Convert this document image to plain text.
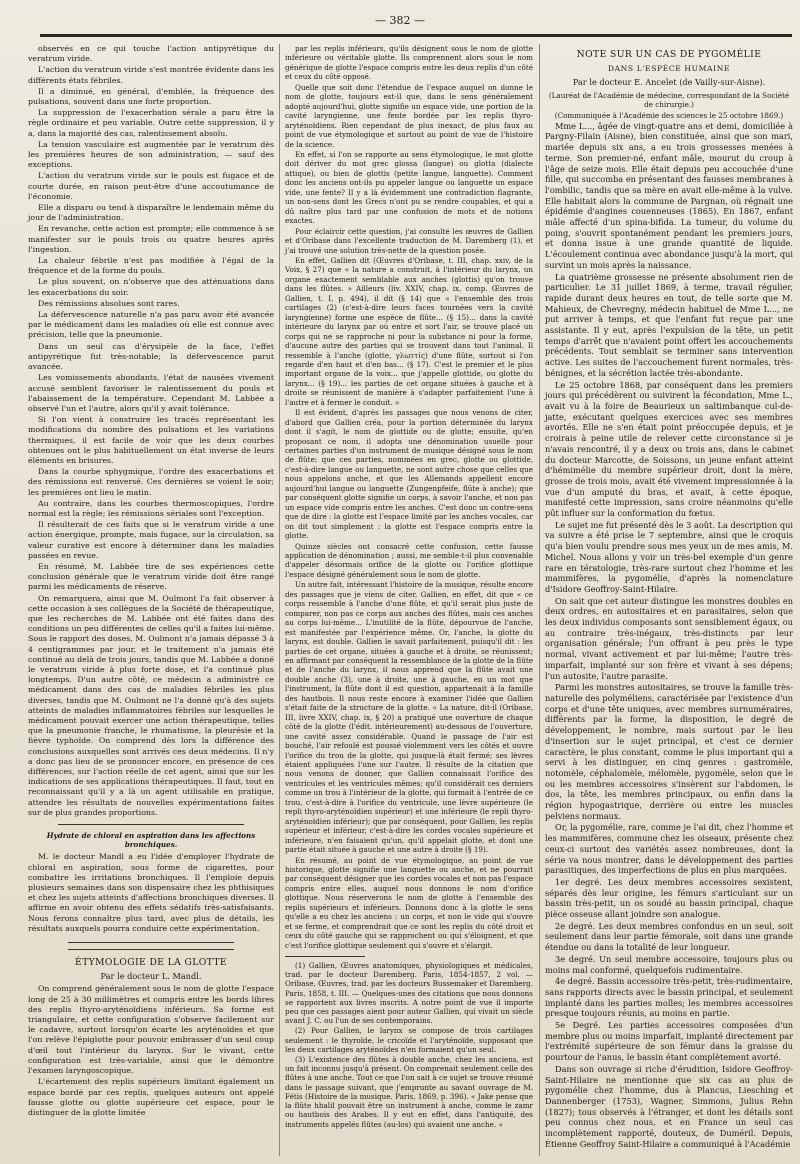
— 382 —

observés en ce qui touche l'action antipyrétique du veratrum viride.

L'action du veratrum viride s'est montrée évidente dans les différents états fébriles.

Il a diminué, en général, d'emblée, la fréquence des pulsations, souvent dans une forte proportion.

La suppression de l'exacerbation sérale a paru être la règle ordinaire et peu variable. Outre cette suppression, il y a, dans la majorité des cas, ralentissement absolu.

La tension vasculaire est augmentée par le veratrum dès les premières heures de son administration, — sauf des exceptions.

L'action du veratrum viride sur le pouls est fugace et de courte durée, en raison peut-être d'une accoutumance de l'économie.

Elle a disparu ou tend à disparaître le lendemain même du jour de l'administration.

En revanche, cette action est prompte; elle commence à se manifester sur le pouls trois ou quatre heures après l'ingestion.

La chaleur fébrile n'est pas modifiée à l'égal de la fréquence et de la forme du pouls.

Le plus souvent, on n'observe que des atténuations dans les exacerbations du soir.

Des rémissions absolues sont rares.

La défervescence naturelle n'a pas paru avoir été avancée par le médicament dans les maladies où elle est connue avec précision, telle que la pneumonie.

Dans un seul cas d'érysipèle de la face, l'effet antipyrétique fut très-notable; la défervescence parut avancée.

Les vomissements abondants, l'état de nausées vivement accusé semblent favoriser le ralentissement du pouls et l'abaissement de la température. Cependant M. Labbée a observé l'un et l'autre, alors qu'il y avait tolérance.

Si l'on vient à construire les tracés représentant les modifications du nombre des pulsations et les variations thermiques, il est facile de voir que les deux courbes obtenues ont le plus habituellement un état inverse de leurs éléments en brisures.

Dans la courbe sphygmique, l'ordre des exacerbations et des rémissions est renversé. Ces dernières se voient le soir; les premières ont lieu le matin.

Au contraire, dans les courbes thermoscopiques, l'ordre normal est la règle; les rémissions sériales sont l'exception.

Il résulterait de ces faits que si le veratrum viride a une action énergique, prompte, mais fugace, sur la circulation, sa valeur curative est encore à déterminer dans les maladies passées en revue.

En résumé, M. Labbée tire de ses expériences cette conclusion générale que le veratrum viride doit être rangé parmi les médicaments de réserve.

On remarquera, ainsi que M. Oulmont l'a fait observer à cette occasion à ses collègues de la Société de thérapeutique, que les recherches de M. Labbée ont été faites dans des conditions un peu différentes de celles qu'il a faites lui-même. Sous le rapport des doses, M. Oulmont n'a jamais dépassé 3 à 4 centigrammes par jour, et le traitement n'a jamais été continué au delà de trois jours, tandis que M. Labbée a donné le veratrum viride à plus forte dose, et l'a continué plus longtemps. D'un autre côté, ce médecin a administré ce médicament dans des cas de maladies fébriles les plus diverses, tandis que M. Oulmont ne l'a donné qu'à des sujets atteints de maladies inflammatoires fébriles sur lesquelles le médicament pouvait exercer une action thérapeutique, telles que la pneumonie franche, le rhumatisme, la pleurésie et la fièvre typhoïde. On comprend dès lors la différence des conclusions auxquelles sont arrivés ces deux médecins. Il n'y a donc pas lieu de se prononcer encore, en présence de ces différences, sur l'action réelle de cet agent, ainsi que sur les indications de ses applications thérapeutiques. Il faut, tout en reconnaissant qu'il y a là un agent utilisable en pratique, attendre les résultats de nouvelles expérimentations faites sur de plus grandes proportions.

Hydrate de chloral en aspiration dans les affections bronchiques.

M. le docteur Mandl a eu l'idée d'employer l'hydrate de chloral en aspiration, sous forme de cigarettes, pour combattre les irritations bronchiques. Il l'emploie depuis plusieurs semaines dans son dispensaire chez les phthisiques et chez les sujets atteints d'affections bronchiques diverses. Il affirme en avoir obtenu des effets sédatifs très-satisfaisants. Nous ferons connaître plus tard, avec plus de détails, les résultats auxquels pourra conduire cette expérimentation.

ÉTYMOLOGIE DE LA GLOTTE
Par le docteur L. Mandl.

On comprend généralement sous le nom de glotte l'espace long de 25 à 30 millimètres et compris entre les bords libres des replis thyro-aryténoïdiens inférieurs. Sa forme est triangulaire, et cette configuration s'observe facilement sur le cadavre, surtout lorsqu'on écarte les aryténoïdes et que l'on relève l'épiglotte pour pouvoir embrasser d'un seul coup d'œil tout l'intérieur du larynx. Sur le vivant, cette configuration est très-variable, ainsi que le démontre l'examen laryngoscopique.

L'écartement des replis supérieurs limitant également un espace bordé par ces replis, quelques auteurs ont appelé fausse glotte ou glotte supérieure cet espace, pour le distinguer de la glotte limitée

par les replis inférieurs, qu'ils désignent sous le nom de glotte inférieure ou véritable glotte. Ils comprennent alors sous le nom générique de glotte l'espace compris entre les deux replis d'un côté et ceux du côté opposé.

Quelle que soit donc l'étendue de l'espace auquel on donne le nom de glotte, toujours est-il que, dans le sens généralement adopté aujourd'hui, glotte signifie un espace vide, une portion de la cavité laryngienne, une fente bordée par les replis thyro-aryténoïdiens. Rien cependant de plus inexact, de plus faux au point de vue étymologique et surtout au point de vue de l'histoire de la science.

En effet, si l'on se rapporte au sens étymologique, le mot glotte doit dériver du mot grec glossa (langue) ou glotta (dialecte attique), ou bien de glottis (petite langue, languette). Comment donc les anciens ont-ils pu appeler langue ou languette un espace vide, une fente? Il y a là évidemment une contradiction flagrante, un non-sens dont les Grecs n'ont pu se rendre coupables, et qui a dû naître plus tard par une confusion de mots et de notions exactes.

Pour éclaircir cette question, j'ai consulté les œuvres de Gallien et d'Oribase dans l'excellente traduction de M. Daremberg (1), et j'ai trouvé une solution très-nette de la question posée.

En effet, Gallien dit (Œuvres d'Oribase, t. III, chap. xxiv, de la Voix, § 27) que « la nature a construit, à l'intérieur du larynx, un organe exactement semblable aux anches (glottis) qu'on trouve dans les flûtes. » Ailleurs (liv. XXIV, chap. ix, comp. Œuvres de Gallien, t. I, p. 494), il dit (§ 14) que « l'ensemble des trois cartilages (2) (c'est-à-dire leurs faces tournées vers la cavité laryngienne) forme une espèce de flûte... (§ 15)... dans la cavité intérieure du larynx par où entre et sort l'air, se trouve placé un corps qui ne se rapproche ni pour la substance ni pour la forme, d'aucune autre des parties qui se trouvent dans tout l'animal. Il ressemble à l'anche (glotte, γλωττίς) d'une flûte, surtout si l'on regarde d'en haut et d'en bas... (§ 17). C'est le premier et le plus important organe de la voix... que j'appelle glottide, ou glotte du larynx... (§ 19)... les parties de cet organe situées à gauche et à droite se réunissent de manière à s'adapter parfaitement l'une à l'autre et à fermer le conduit. »

Il est évident, d'après les passages que nous venons de citer, d'abord que Gallien créa, pour la portion déterminée du larynx dont il s'agit, le nom de glottide ou de glotte; ensuite, qu'en proposant ce nom, il adopta une dénomination usuelle pour certaines parties d'un instrument de musique désigné sous le nom de flûte; que ces parties, nommées en grec, glotte ou glottide, c'est-à-dire langue ou languette, ne sont autre chose que celles que nous appelons anche, et que les Allemands appellent encore aujourd'hui langue ou languette (Zungenpfeife, flûte à anche); que par conséquent glotte signifie un corps, à savoir l'anche, et non pas un espace vide compris entre les anches. C'est donc un contre-sens que de dire : la glotte est l'espace limité par les anches vocales, car on dit tout simplement : la glotte est l'espace compris entre la glotte.

Quinze siècles ont consacré cette confusion, cette fausse application de dénomination ; aussi, me semble-t-il plus convenable d'appeler désormais orifice de la glotte ou l'orifice glottique l'espace désigné généralement sous le nom de glotte.

Un autre fait, intéressant l'histoire de la musique, résulte encore des passages que je viens de citer, Gallien, en effet, dit que « ce corps ressemble à l'anche d'une flûte, et qu'il serait plus juste de comparer, non pas ce corps aux anches des flûtes, mais ces anches au corps lui-même... L'inutilité de la flûte, dépourvue de l'anche, est manifestée par l'expérience même. Or, l'anche, la glotte du larynx, est double. Gallien le savait parfaitement, puisqu'il dit : les parties de cet organe, situées à gauche et à droite, se réunissent; en affirmant par conséquent la ressemblance de la glotte de la flûte et de l'anche du larynx, il nous apprend que la flûte avait une double anche (3), une à droite, une à gauche, en un mot que l'instrument, la flûte dont il est question, appartenait à la famille des hautbois. Il nous reste encore à examiner l'idée que Gallien s'était faite de la structure de la glotte. « La nature, dit-il (Oribase, III, livre XXIV, chap. ix, § 20) a pratiqué une ouverture de chaque côté de la glotte (l'édit. intérieurement) au-dessous de l'ouverture, une cavité assez considérable. Quand le passage de l'air est bouché, l'air refoulé est poussé violemment vers les côtés et ouvre l'orifice du trou de la glotte, qui jusque-là était fermé; ses lèvres étaient appliquées l'une sur l'autre. Il résulte de la citation que nous venons de donner, que Gallien connaissait l'orifice des ventricules et les ventricules mêmes; qu'il considérait ces derniers comme un trou à l'intérieur de la glotte, qui formait à l'entrée de ce trou, c'est-à-dire à l'orifice du ventricule, une lèvre supérieure (le repli thyro-aryténoïdien supérieur) et une inférieure (le repli thyro-aryténoïdien inférieur); que par conséquent, pour Gallien, les replis supérieur et inférieur, c'est-à-dire les cordes vocales supérieure et inférieure, n'en faisaient qu'un, qu'il appelait glotte, et dont une partie était située à gauche et une autre à droite (§ 19).

En résumé, au point de vue étymologique, au point de vue historique, glotte signifie une languette ou anche, et ne pourrait par conséquent désigner que les cordes vocales et non pas l'espace compris entre elles, auquel nous donnons le nom d'orifice glottique. Nous réserverons le nom de glotte à l'ensemble des replis supérieurs et inférieurs. Donnons donc à la glotte le sens qu'elle a eu chez les anciens : un corps, et non le vide qui s'ouvre et se ferme, et comprendrait que ce sont les replis du côté droit et ceux du côté gauche qui se rapprochent ou qui s'éloignent, et que c'est l'orifice glottique seulement qui s'ouvre et s'élargit.

(1) Gallien, Œuvres anatomiques, physiologiques et médicales, trad. par le docteur Daremberg. Paris, 1854-1857, 2 vol. — Oribase, Œuvres, trad. par les docteurs Bussemaker et Daremberg. Paris, 1858, t. III. — Quelques-unes des citations que nous donnons se rapportent aux livres inscrits. A notre point de vue il importe peu que ces passages aient pour auteur Gallien, qui vivait un siècle avant J. C. ou l'un de ses contemporains.

(2) Pour Gallien, le larynx se compose de trois cartilages seulement : le thyroïde, le cricoïde et l'aryténoïde, supposant que les deux cartilages aryténoïdes n'en formaient qu'un seul.

(3) L'existence des flûtes à double anche, chez les anciens, est un fait inconnu jusqu'à présent. On comprenait seulement celle des flûtes à une anche. Tout ce que l'on sait à ce sujet se trouve résumé dans le passage suivant, que j'emprunte au savant ouvrage de M. Fétis (Histoire de la musique. Paris, 1869, p. 396). « Jake pense que la flûte hhalil pouvait être un instrument à anche, comme le zamr ou hautbois des Arabes. Il y eut en effet, dans l'antiquité, des instruments appelés flûtes (au-los) qui avaient une anche. »

NOTE SUR UN CAS DE PYGOMÉLIE
DANS L'ESPÈCE HUMAINE
Par le docteur E. Ancelet (de Vailly-sur-Aisne).

(Lauréat de l'Académie de médecine, correspondant de la Société de chirurgie.)

(Communiquée à l'Académie des sciences le 25 octobre 1869.)

Mme L..., âgée de vingt-quatre ans et demi, domiciliée à Pargny-Filain (Aisne), bien constituée, ainsi que son mari, mariée depuis six ans, a eu trois grossesses menées à terme. Son premier-né, enfant mâle, mourut du croup à l'âge de seize mois. Elle était depuis peu accouchée d'une fille, qui succomba en présentant des fausses membranes à l'ombilic, tandis que sa mère en avait elle-même à la vulve. Elle habitait alors la commune de Pargnan, où régnait une épidémie d'angines couenneuses (1865). En 1867, enfant mâle affecté d'un spina-bifida. La tumeur, du volume du poing, s'ouvrit spontanément pendant les premiers jours, et donna issue à une grande quantité de liquide. L'écoulement continua avec abondance jusqu'à la mort, qui survint un mois après la naissance.

La quatrième grossesse ne présente absolument rien de particulier. Le 31 juillet 1869, à terme, travail régulier, rapide durant deux heures en tout, de telle sorte que M. Mahieux, de Chevregny, médecin habituel de Mme L..., ne put arriver à temps, et que l'enfant fut reçue par une assistante. Il y eut, après l'expulsion de la tête, un petit temps d'arrêt que n'avaient point offert les accouchements précédents. Tout semblait se terminer sans intervention active. Les suites de l'accouchement furent normales, très-bénignes, et la sécrétion lactée très-abondante.

Le 25 octobre 1868, par conséquent dans les premiers jours qui précédèrent ou suivirent la fécondation, Mme L., avait vu à la foire de Beaurieux un saltimbanque cul-de-jatte, exécutant quelques exercices avec ses membres avortés. Elle ne s'en était point préoccupée depuis, et je croirais à peine utile de relever cette circonstance si je n'avais rencontré, il y a deux ou trois ans, dans le cabinet du docteur Marcotte, de Soissons, un jeune enfant atteint d'hémimélie du membre supérieur droit, dont la mère, grosse de trois mois, avait été vivement impressionnée à la vue d'un amputé du bras, et avait, à cette époque, manifesté cette impression, sans croire néanmoins qu'elle pût influer sur la conformation du fœtus.

Le sujet me fut présenté dès le 3 août. La description qui va suivre a été prise le 7 septembre, ainsi que le croquis qu'a bien voulu prendre sous mes yeux un de mes amis, M. Michel. Nous allons y voir un très-bel exemple d'un genre rare en tératologie, très-rare surtout chez l'homme et les mammifères, la pygomélie, d'après la nomenclature d'Isidore Geoffroy-Saint-Hilaire.

On sait que cet auteur distingue les monstres doubles en deux ordres, en autositaires et en parasitaires, selon que les deux individus composants sont sensiblement égaux, ou au contraire très-inégaux, très-distincts par leur organisation générale; l'un offrant à peu près le type normal, vivant activement et par lui-même; l'autre très-imparfait, implanté sur son frère et vivant à ses dépens; l'un autosite, l'autre parasite.

Parmi les monstres autositaires, se trouve la famille très-naturelle des polyméliens, caractérisée par l'existence d'un corps et d'une tête uniques, avec membres surnuméraires, différents par la forme, la disposition, le degré de développement, le nombre, mais surtout par le lieu d'insertion sur le sujet principal, et c'est ce dernier caractère, le plus constant, comme le plus important qui a servi à les distinguer, en cinq genres : gastromèle, notomèle, céphalomèle, mélomèle, pygomèle, selon que le ou les membres accessoires s'insèrent sur l'abdomen, le dos, la tête, les membres principaux, ou enfin dans la région hypogastrique, derrière ou entre les muscles pelviens normaux.

Or, la pygomélie, rare, comme je l'ai dit, chez l'homme et les mammifères, commune chez les oiseaux, présente chez ceux-ci surtout des variétés assez nombreuses, dont la série va nous montrer, dans le développement des parties parasitiques, des imperfections de plus en plus marquées.

1er degré. Les deux membres accessoires sexistent, séparés dès leur origine, les fémurs s'articulant sur un bassin très-petit, un os soudé au bassin principal, chaque pièce osseuse allant joindre son analogue.

2e degré. Les deux membres confondus en un seul, soit seulement dans leur partie fémorale, soit dans une grande étendue ou dans la totalité de leur longueur.

3e degré. Un seul membre accessoire, toujours plus ou moins mal conformé, quelquefois rudimentaire.

4e degré. Bassin accessoire très-petit, très-rudimentaire, sans rapports directs avec le bassin principal, et seulement implanté dans les parties molles; les membres accessoires presque toujours réunis, au moins en partie.

5e Degré. Les parties accessoires composées d'un membre plus ou moins imparfait, implanté directement par l'extrémité supérieure de son fémur dans la graisse du pourtour de l'anus, le bassin étant complètement avorté.

Dans son ouvrage si riche d'érudition, Isidore Geoffroy-Saint-Hilaire ne mentionne que six cas au plus de pygomélie chez l'homme, dus à Plancus, Liesching et Dannenberger (1753), Wagner, Simmons, Julius Rehn (1827); tous observés à l'étranger, et dont les détails sont peu connus chez nous, et en France un seul cas incomplètement rapporté, douteux, de Duméril. Depuis, Étienne Geoffroy Saint-Hilaire a communiqué à l'Académie
